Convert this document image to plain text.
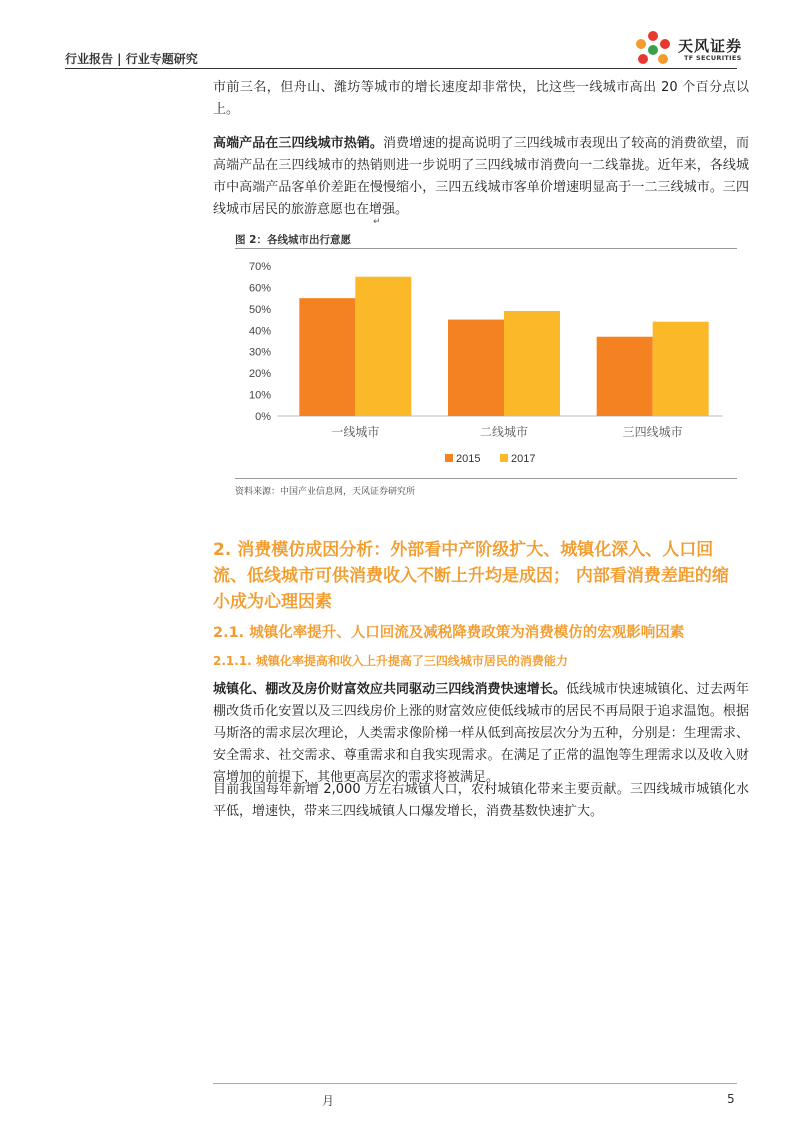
行业报告 | 行业专题研究
天风证券
TF SECURITIES
市前三名，但舟山、潍坊等城市的增长速度却非常快，比这些一线城市高出 20 个百分点以上。
高端产品在三四线城市热销。消费增速的提高说明了三四线城市表现出了较高的消费欲望，而高端产品在三四线城市的热销则进一步说明了三四线城市消费向一二线靠拢。近年来，各线城市中高端产品客单价差距在慢慢缩小，三四五线城市客单价增速明显高于一二三线城市。三四线城市居民的旅游意愿也在增强。
↵
图 2：各线城市出行意愿
0%
10%
20%
30%
40%
50%
60%
70%
一线城市	二线城市	三四线城市
2015	2017
资料来源：中国产业信息网，天风证券研究所
2. 消费模仿成因分析：外部看中产阶级扩大、城镇化深入、人口回流、低线城市可供消费收入不断上升均是成因； 内部看消费差距的缩小成为心理因素
2.1. 城镇化率提升、人口回流及减税降费政策为消费模仿的宏观影响因素
2.1.1. 城镇化率提高和收入上升提高了三四线城市居民的消费能力
城镇化、棚改及房价财富效应共同驱动三四线消费快速增长。低线城市快速城镇化、过去两年棚改货币化安置以及三四线房价上涨的财富效应使低线城市的居民不再局限于追求温饱。根据马斯洛的需求层次理论，人类需求像阶梯一样从低到高按层次分为五种，分别是：生理需求、安全需求、社交需求、尊重需求和自我实现需求。在满足了正常的温饱等生理需求以及收入财富增加的前提下，其他更高层次的需求将被满足。
目前我国每年新增 2,000 万左右城镇人口，农村城镇化带来主要贡献。三四线城市城镇化水平低，增速快，带来三四线城镇人口爆发增长，消费基数快速扩大。
月	5
